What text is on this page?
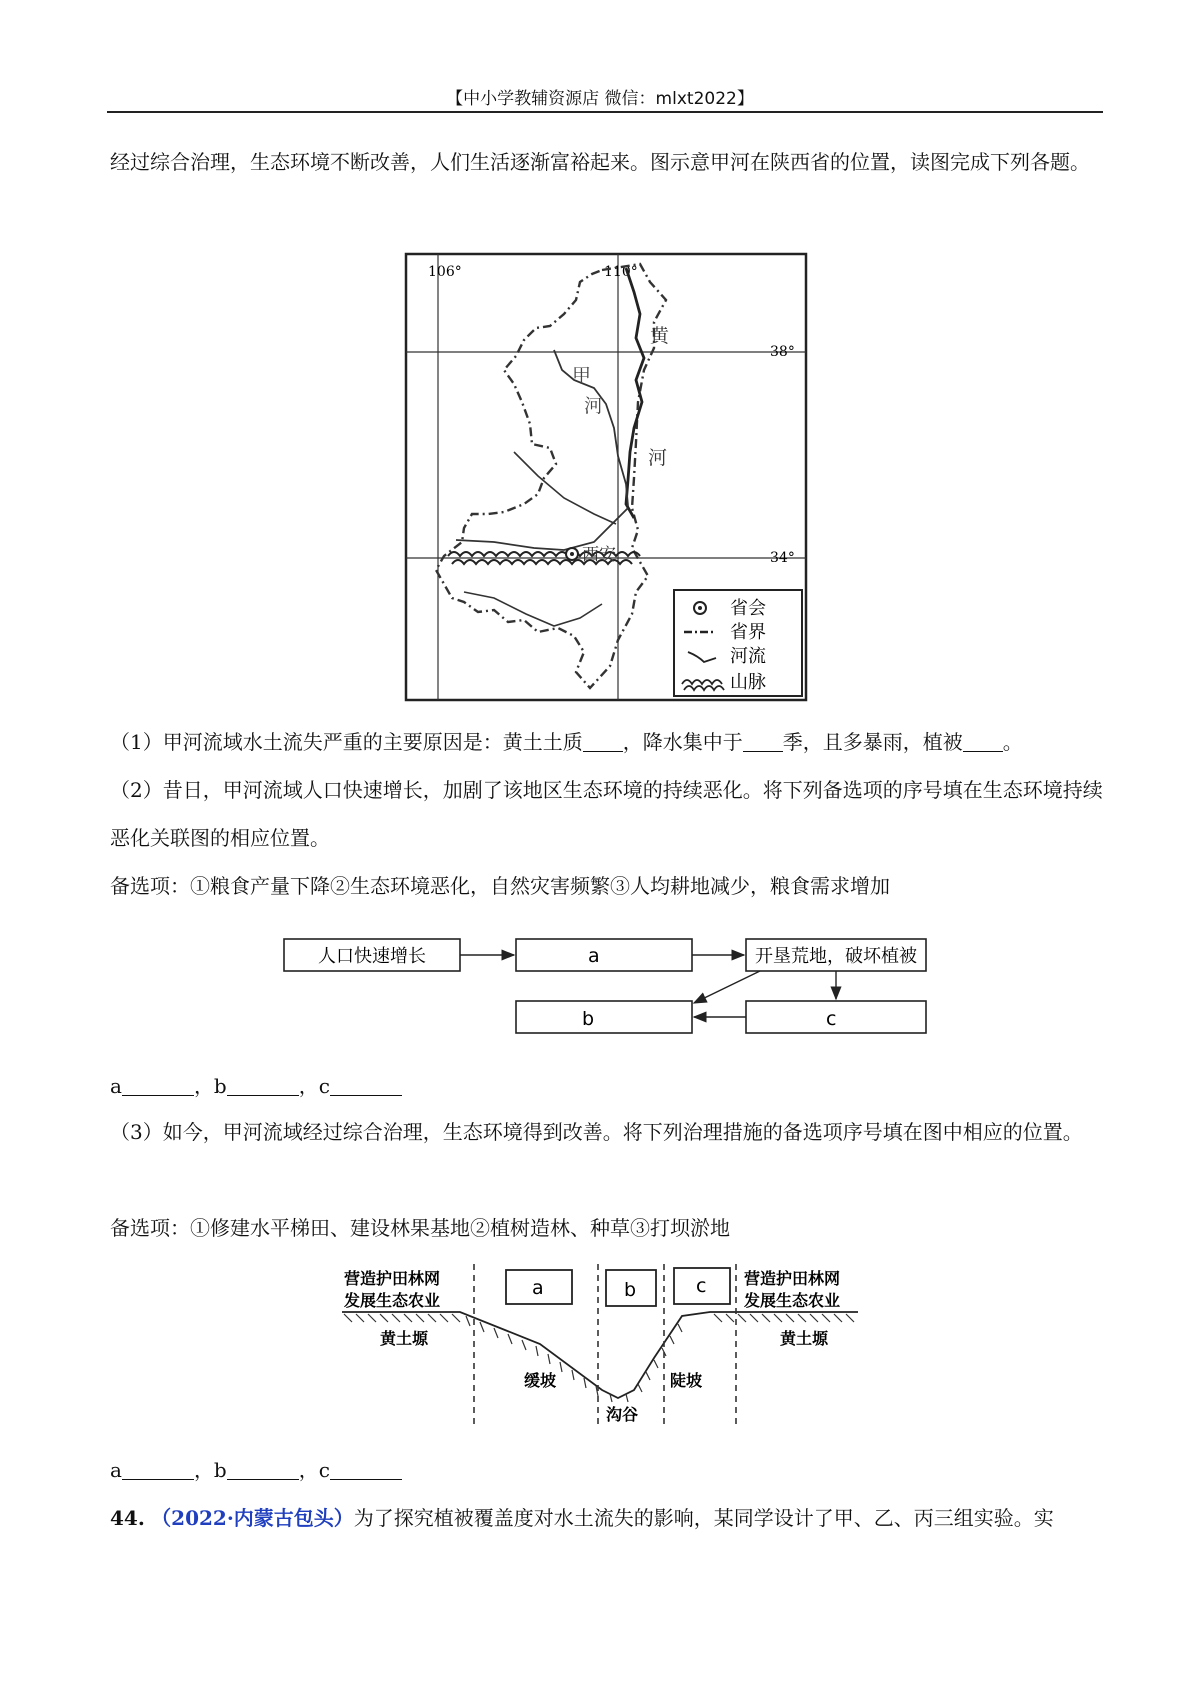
【中小学教辅资源店 微信：mlxt2022】

经过综合治理，生态环境不断改善，人们生活逐渐富裕起来。图示意甲河在陕西省的位置，读图完成下列各题。

106°	110°
38°
34°
甲
河
黄
河
西安
省会
省界
河流
山脉

（1）甲河流域水土流失严重的主要原因是：黄土土质 ，降水集中于 季，且多暴雨，植被 。

（2）昔日，甲河流域人口快速增长，加剧了该地区生态环境的持续恶化。将下列备选项的序号填在生态环境持续恶化关联图的相应位置。

备选项：①粮食产量下降②生态环境恶化，自然灾害频繁③人均耕地减少，粮食需求增加

人口快速增长	a	开垦荒地，破坏植被
b	c

a	，b	，c

（3）如今，甲河流域经过综合治理，生态环境得到改善。将下列治理措施的备选项序号填在图中相应的位置。

备选项：①修建水平梯田、建设林果基地②植树造林、种草③打坝淤地

营造护田林网
发展生态农业
营造护田林网
发展生态农业
a	b	c
黄土塬	黄土塬
缓坡	陡坡
沟谷

a	，b	，c

44. （2022·内蒙古包头）为了探究植被覆盖度对水土流失的影响，某同学设计了甲、乙、丙三组实验。实
